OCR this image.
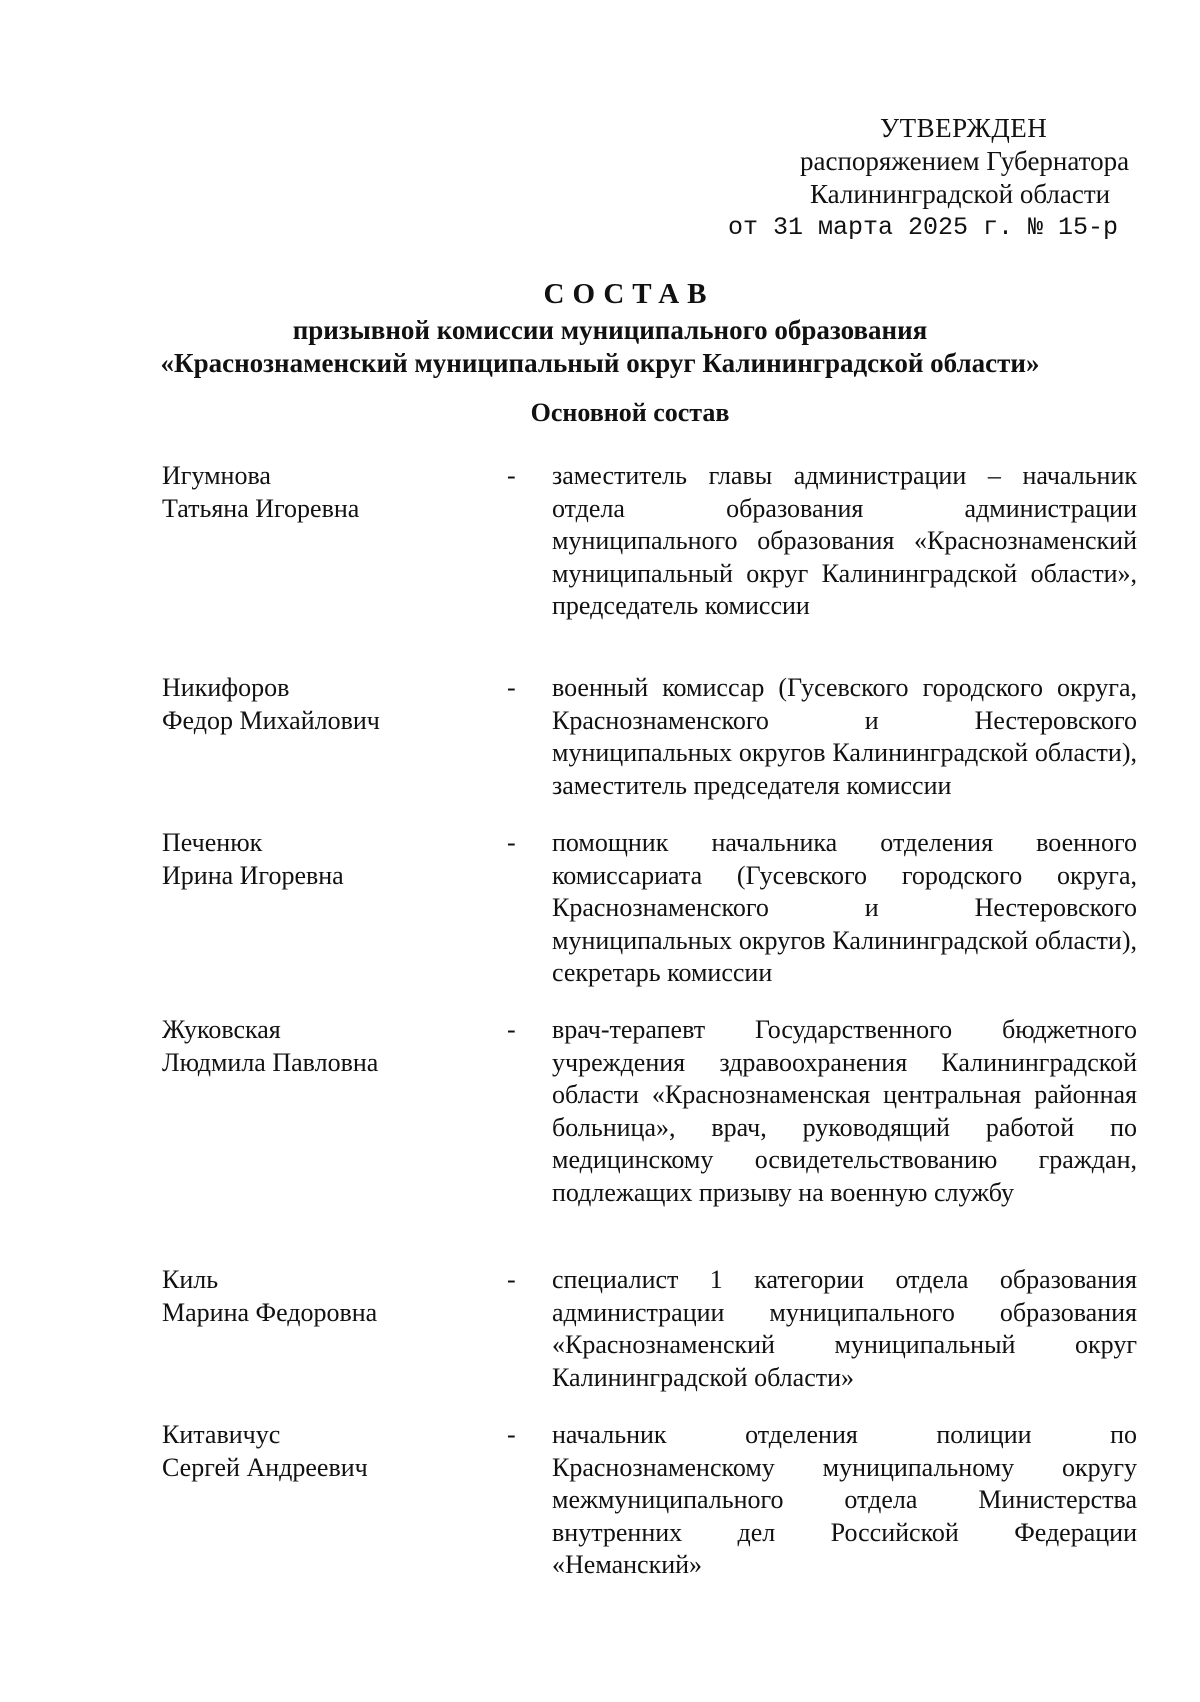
УТВЕРЖДЕН
распоряжением Губернатора
Калининградской области
от 31 марта 2025 г. № 15-р
СОСТАВ
призывной комиссии муниципального образования
«Краснознаменский муниципальный округ Калининградской области»
Основной состав
Игумнова
Татьяна Игоревна
-	заместитель главы администрации – начальник отдела образования администрации муниципального образования «Краснознаменский муниципальный округ Калининградской области», председатель комиссии
Никифоров
Федор Михайлович
-	военный комиссар (Гусевского городского округа, Краснознаменского и Нестеровского муниципальных округов Калининградской области), заместитель председателя комиссии
Печенюк
Ирина Игоревна
-	помощник начальника отделения военного комиссариата (Гусевского городского округа, Краснознаменского и Нестеровского муниципальных округов Калининградской области), секретарь комиссии
Жуковская
Людмила Павловна
-	врач-терапевт Государственного бюджетного учреждения здравоохранения Калининградской области «Краснознаменская центральная районная больница», врач, руководящий работой по медицинскому освидетельствованию граждан, подлежащих призыву на военную службу
Киль
Марина Федоровна
-	специалист 1 категории отдела образования администрации муниципального образования «Краснознаменский муниципальный округ Калининградской области»
Китавичус
Сергей Андреевич
-	начальник отделения полиции по Краснознаменскому муниципальному округу межмуниципального отдела Министерства внутренних дел Российской Федерации «Неманский»
